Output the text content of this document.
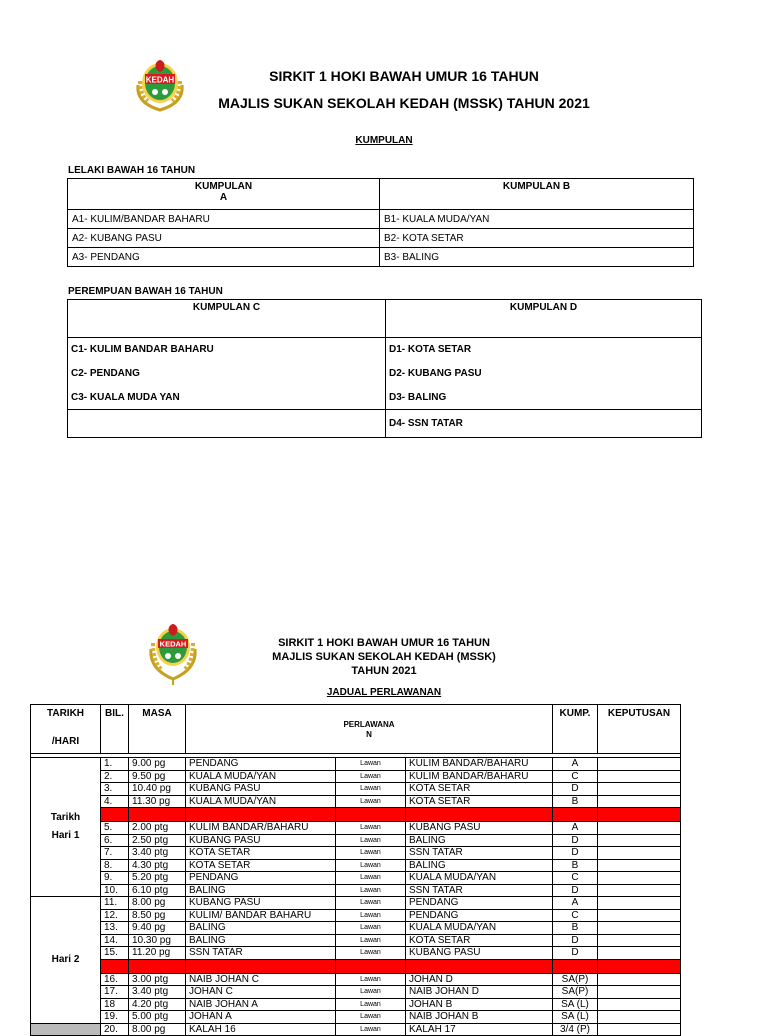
KEDAH	SIRKIT 1 HOKI BAWAH UMUR 16 TAHUN
MAJLIS SUKAN SEKOLAH KEDAH (MSSK) TAHUN 2021
KUMPULAN
LELAKI BAWAH 16 TAHUN
KUMPULAN
A	KUMPULAN B
A1- KULIM/BANDAR BAHARU	B1- KUALA MUDA/YAN
A2- KUBANG PASU	B2- KOTA SETAR
A3- PENDANG	B3- BALING
PEREMPUAN BAWAH 16 TAHUN
KUMPULAN C	KUMPULAN D
C1- KULIM BANDAR BAHARU	D1- KOTA SETAR
C2- PENDANG	D2- KUBANG PASU
C3- KUALA MUDA YAN	D3- BALING
	D4- SSN TATAR
KEDAH	SIRKIT 1 HOKI BAWAH UMUR 16 TAHUN
MAJLIS SUKAN SEKOLAH KEDAH (MSSK)
TAHUN 2021
JADUAL PERLAWANAN
TARIKH

/HARI	BIL.	MASA	PERLAWANA
N			KUMP.	KEPUTUSAN

Tarikh
Hari 1	1.	9.00 pg	PENDANG	Lawan	KULIM BANDAR/BAHARU	A	
	2.	9.50 pg	KUALA MUDA/YAN	Lawan	KULIM BANDAR/BAHARU	C	
	3.	10.40 pg	KUBANG PASU	Lawan	KOTA SETAR	D	
	4.	11.30 pg	KUALA MUDA/YAN	Lawan	KOTA SETAR	B	

	5.	2.00 ptg	KULIM BANDAR/BAHARU	Lawan	KUBANG PASU	A	
	6.	2.50 ptg	KUBANG PASU	Lawan	BALING	D	
	7.	3.40 ptg	KOTA SETAR	Lawan	SSN TATAR	D	
	8.	4.30 ptg	KOTA SETAR	Lawan	BALING	B	
	9.	5.20 ptg	PENDANG	Lawan	KUALA MUDA/YAN	C	
	10.	6.10 ptg	BALING	Lawan	SSN TATAR	D	
Hari 2	11.	8.00 pg	KUBANG PASU	Lawan	PENDANG	A	
	12.	8.50 pg	KULIM/ BANDAR BAHARU	Lawan	PENDANG	C	
	13.	9.40 pg	BALING	Lawan	KUALA MUDA/YAN	B	
	14.	10.30 pg	BALING	Lawan	KOTA SETAR	D	
	15.	11.20 pg	SSN TATAR	Lawan	KUBANG PASU	D	

	16.	3.00 ptg	NAIB JOHAN C	Lawan	JOHAN D	SA(P)	
	17.	3.40 ptg	JOHAN C	Lawan	NAIB JOHAN D	SA(P)	
	18	4.20 ptg	NAIB JOHAN A	Lawan	JOHAN B	SA (L)	
	19.	5.00 ptg	JOHAN A	Lawan	NAIB JOHAN B	SA (L)	
	20.	8.00 pg	KALAH 16	Lawan	KALAH 17	3/4 (P)	
